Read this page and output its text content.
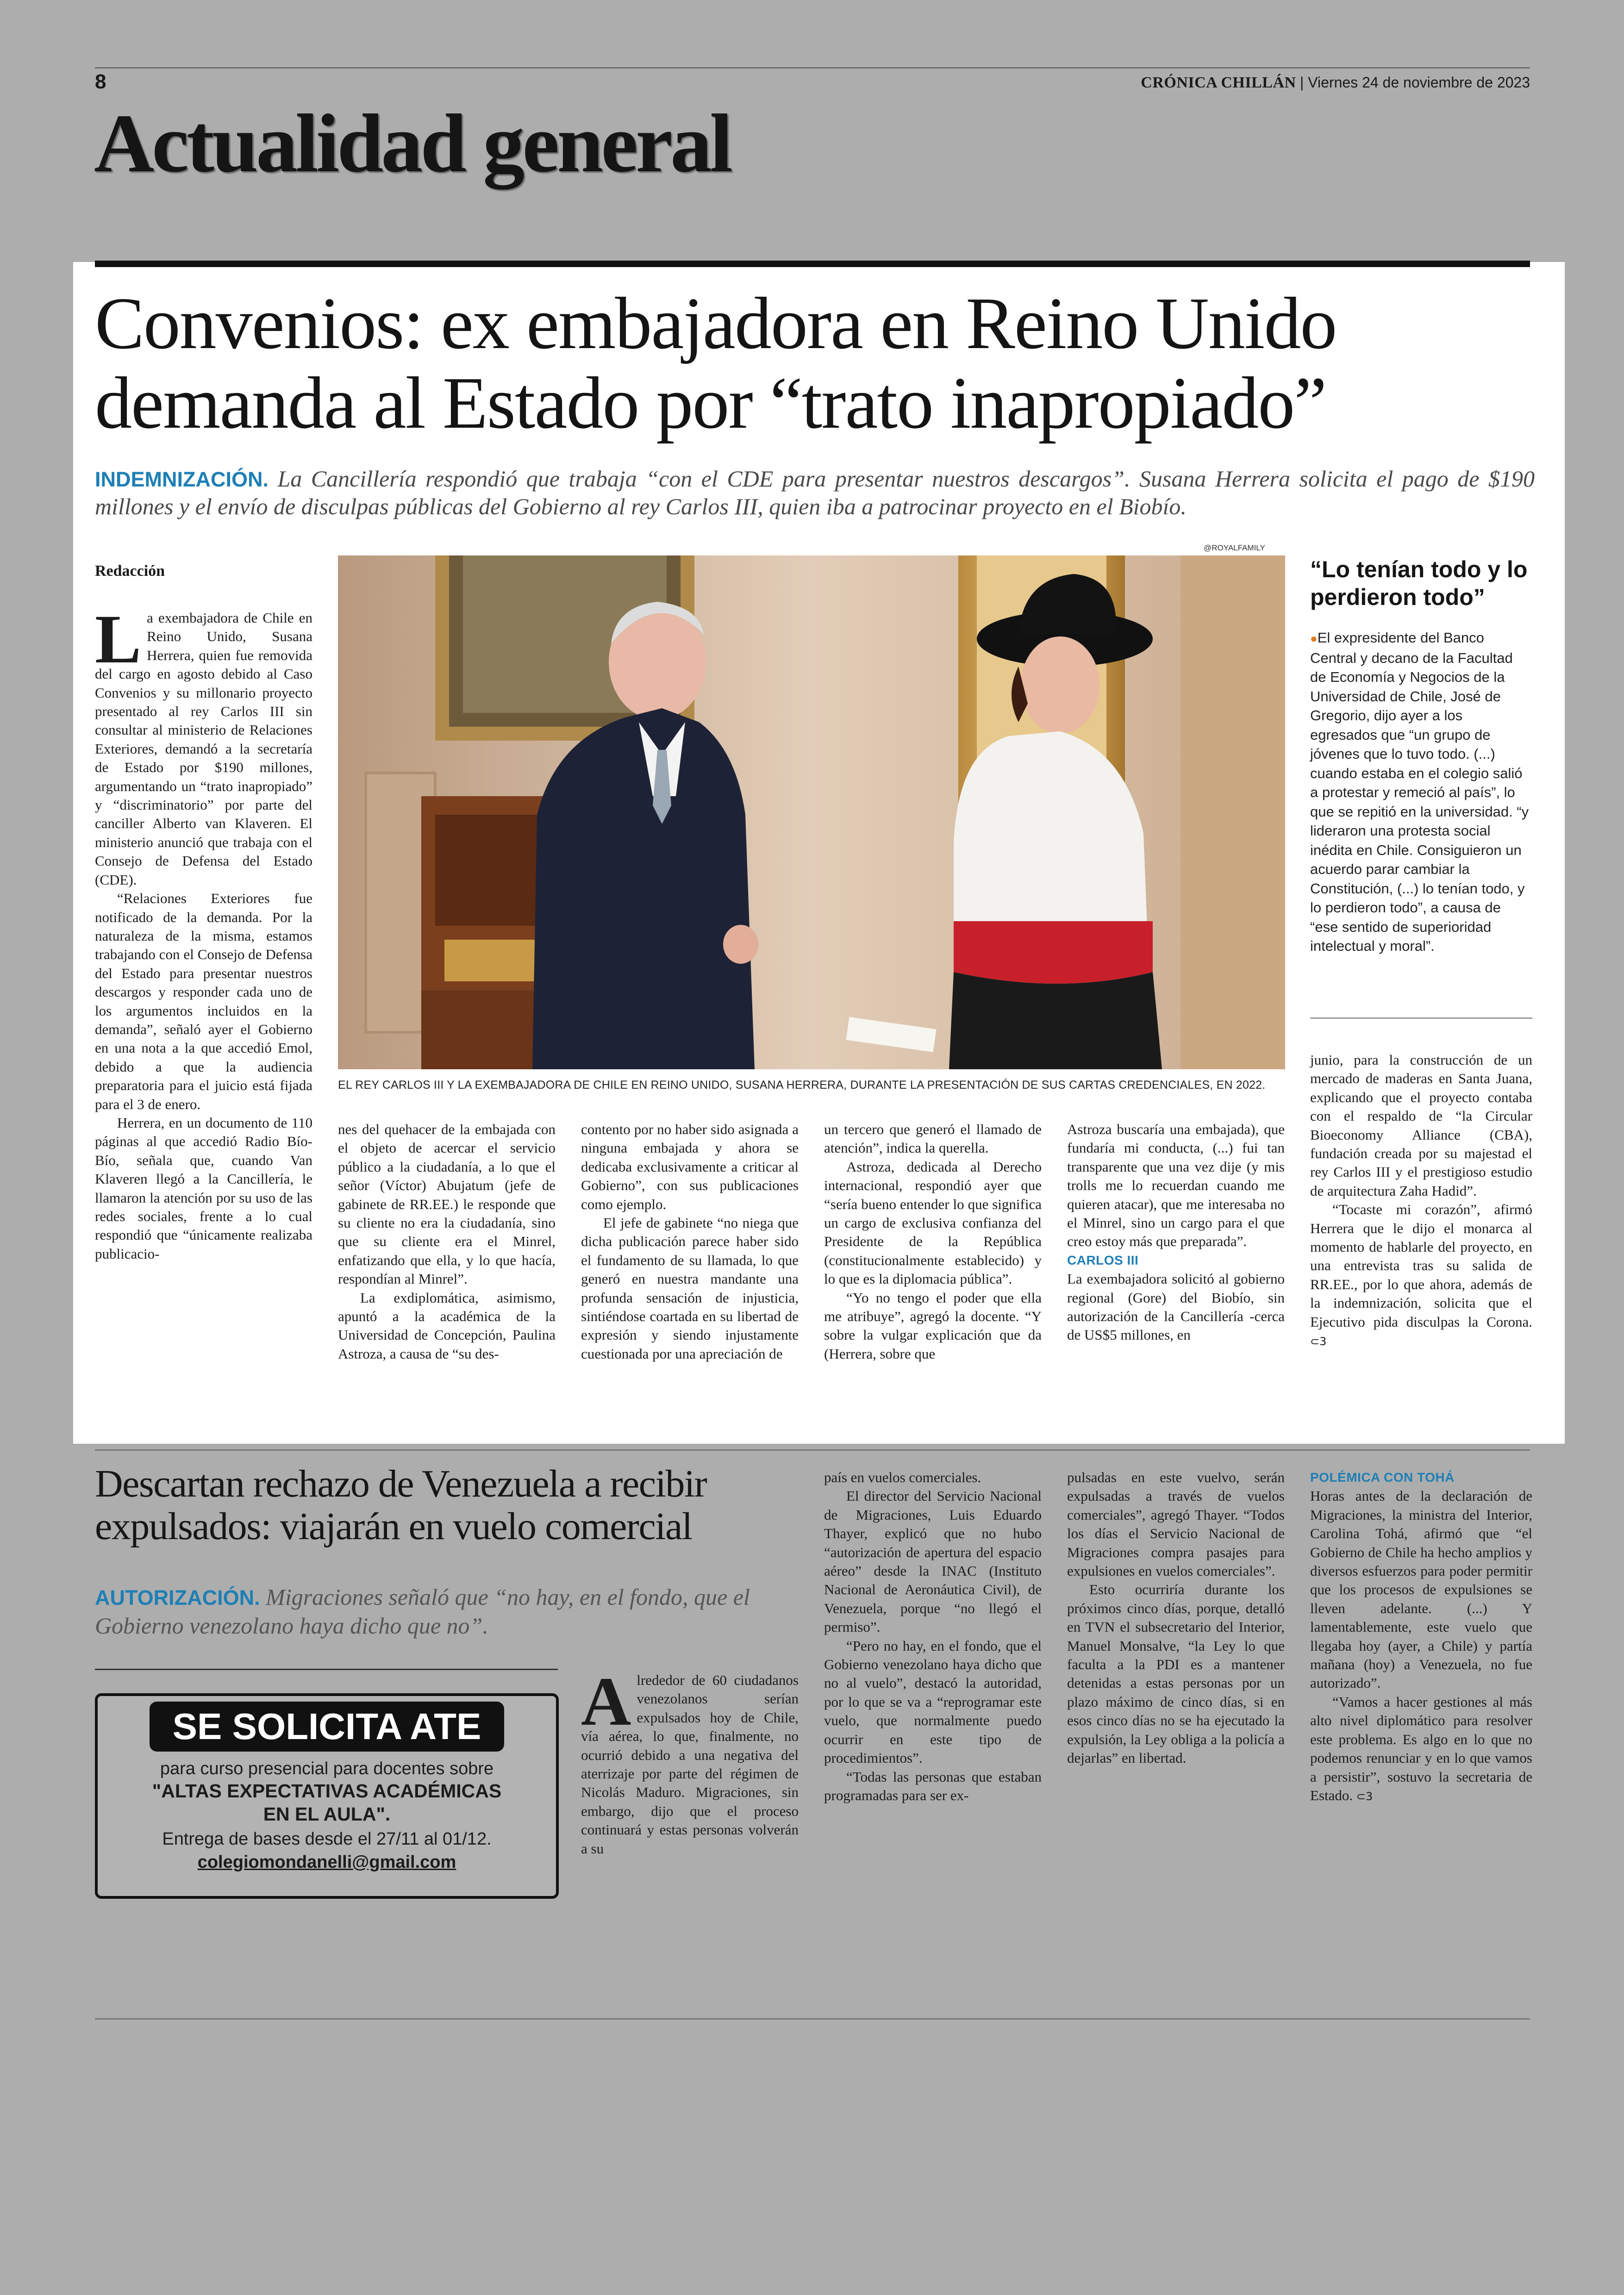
8	CRÓNICA CHILLÁN | Viernes 24 de noviembre de 2023
Actualidad general
Convenios: ex embajadora en Reino Unido
demanda al Estado por “trato inapropiado”
INDEMNIZACIÓN. La Cancillería respondió que trabaja “con el CDE para presentar nuestros descargos”. Susana Herrera solicita el pago de $190 millones y el envío de disculpas públicas del Gobierno al rey Carlos III, quien iba a patrocinar proyecto en el Biobío.
Redacción
@ROYALFAMILY
EL REY CARLOS III Y LA EXEMBAJADORA DE CHILE EN REINO UNIDO, SUSANA HERRERA, DURANTE LA PRESENTACIÓN DE SUS CARTAS CREDENCIALES, EN 2022.
“Lo tenían todo y lo perdieron todo”
●El expresidente del Banco Central y decano de la Facultad de Economía y Negocios de la Universidad de Chile, José de Gregorio, dijo ayer a los egresados que “un grupo de jóvenes que lo tuvo todo. (...) cuando estaba en el colegio salió a protestar y remeció al país”, lo que se repitió en la universidad. “y lideraron una protesta social inédita en Chile. Consiguieron un acuerdo parar cambiar la Constitución, (...) lo tenían todo, y lo perdieron todo”, a causa de “ese sentido de superioridad intelectual y moral”.

La exembajadora de Chile en Reino Unido, Susana Herrera, quien fue removida del cargo en agosto debido al Caso Convenios y su millonario proyecto presentado al rey Carlos III sin consultar al ministerio de Relaciones Exteriores, demandó a la secretaría de Estado por $190 millones, argumentando un “trato inapropiado” y “discriminatorio” por parte del canciller Alberto van Klaveren. El ministerio anunció que trabaja con el Consejo de Defensa del Estado (CDE).

“Relaciones Exteriores fue notificado de la demanda. Por la naturaleza de la misma, estamos trabajando con el Consejo de Defensa del Estado para presentar nuestros descargos y responder cada uno de los argumentos incluidos en la demanda”, señaló ayer el Gobierno en una nota a la que accedió Emol, debido a que la audiencia preparatoria para el juicio está fijada para el 3 de enero.

Herrera, en un documento de 110 páginas al que accedió Radio Bío-Bío, señala que, cuando Van Klaveren llegó a la Cancillería, le llamaron la atención por su uso de las redes sociales, frente a lo cual respondió que “únicamente realizaba publicacio-

nes del quehacer de la embajada con el objeto de acercar el servicio público a la ciudadanía, a lo que el señor (Víctor) Abujatum (jefe de gabinete de RR.EE.) le responde que su cliente no era la ciudadanía, sino que su cliente era el Minrel, enfatizando que ella, y lo que hacía, respondían al Minrel”.

La exdiplomática, asimismo, apuntó a la académica de la Universidad de Concepción, Paulina Astroza, a causa de “su des-

contento por no haber sido asignada a ninguna embajada y ahora se dedicaba exclusivamente a criticar al Gobierno”, con sus publicaciones como ejemplo.

El jefe de gabinete “no niega que dicha publicación parece haber sido el fundamento de su llamada, lo que generó en nuestra mandante una profunda sensación de injusticia, sintiéndose coartada en su libertad de expresión y siendo injustamente cuestionada por una apreciación de

un tercero que generó el llamado de atención”, indica la querella.

Astroza, dedicada al Derecho internacional, respondió ayer que “sería bueno entender lo que significa un cargo de exclusiva confianza del Presidente de la República (constitucionalmente establecido) y lo que es la diplomacia pública”.

“Yo no tengo el poder que ella me atribuye”, agregó la docente. “Y sobre la vulgar explicación que da (Herrera, sobre que

Astroza buscaría una embajada), que fundaría mi conducta, (...) fui tan transparente que una vez dije (y mis trolls me lo recuerdan cuando me quieren atacar), que me interesaba no el Minrel, sino un cargo para el que creo estoy más que preparada”.

CARLOS III

La exembajadora solicitó al gobierno regional (Gore) del Biobío, sin autorización de la Cancillería -cerca de US$5 millones, en

junio, para la construcción de un mercado de maderas en Santa Juana, explicando que el proyecto contaba con el respaldo de “la Circular Bioeconomy Alliance (CBA), fundación creada por su majestad el rey Carlos III y el prestigioso estudio de arquitectura Zaha Hadid”.

“Tocaste mi corazón”, afirmó Herrera que le dijo el monarca al momento de hablarle del proyecto, en una entrevista tras su salida de RR.EE., por lo que ahora, además de la indemnización, solicita que el Ejecutivo pida disculpas la Corona. ⊂3

Descartan rechazo de Venezuela a recibir expulsados: viajarán en vuelo comercial
AUTORIZACIÓN. Migraciones señaló que “no hay, en el fondo, que el Gobierno venezolano haya dicho que no”.
SE SOLICITA ATE
para curso presencial para docentes sobre
"ALTAS EXPECTATIVAS ACADÉMICAS
EN EL AULA".
Entrega de bases desde el 27/11 al 01/12.
colegiomondanelli@gmail.com

Alrededor de 60 ciudadanos venezolanos serían expulsados hoy de Chile, vía aérea, lo que, finalmente, no ocurrió debido a una negativa del aterrizaje por parte del régimen de Nicolás Maduro. Migraciones, sin embargo, dijo que el proceso continuará y estas personas volverán a su

país en vuelos comerciales.

El director del Servicio Nacional de Migraciones, Luis Eduardo Thayer, explicó que no hubo “autorización de apertura del espacio aéreo” desde la INAC (Instituto Nacional de Aeronáutica Civil), de Venezuela, porque “no llegó el permiso”.

“Pero no hay, en el fondo, que el Gobierno venezolano haya dicho que no al vuelo”, destacó la autoridad, por lo que se va a “reprogramar este vuelo, que normalmente puedo ocurrir en este tipo de procedimientos”.

“Todas las personas que estaban programadas para ser ex-

pulsadas en este vuelvo, serán expulsadas a través de vuelos comerciales”, agregó Thayer. “Todos los días el Servicio Nacional de Migraciones compra pasajes para expulsiones en vuelos comerciales”.

Esto ocurriría durante los próximos cinco días, porque, detalló en TVN el subsecretario del Interior, Manuel Monsalve, “la Ley lo que faculta a la PDI es a mantener detenidas a estas personas por un plazo máximo de cinco días, si en esos cinco días no se ha ejecutado la expulsión, la Ley obliga a la policía a dejarlas” en libertad.

POLÉMICA CON TOHÁ

Horas antes de la declaración de Migraciones, la ministra del Interior, Carolina Tohá, afirmó que “el Gobierno de Chile ha hecho amplios y diversos esfuerzos para poder permitir que los procesos de expulsiones se lleven adelante. (...) Y lamentablemente, este vuelo que llegaba hoy (ayer, a Chile) y partía mañana (hoy) a Venezuela, no fue autorizado”.

“Vamos a hacer gestiones al más alto nivel diplomático para resolver este problema. Es algo en lo que no podemos renunciar y en lo que vamos a persistir”, sostuvo la secretaria de Estado. ⊂3
